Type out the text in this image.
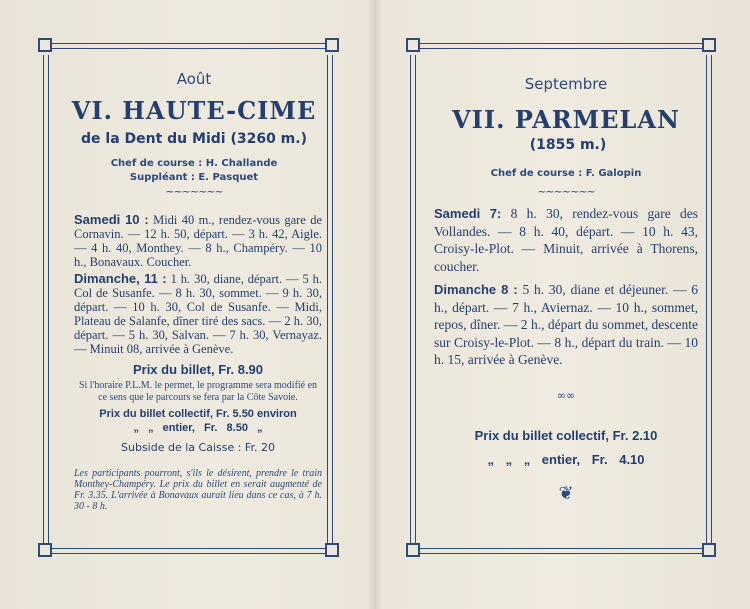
Août
VI. HAUTE-CIME
de la Dent du Midi (3260 m.)
Chef de course : H. Challande
Suppléant : E. Pasquet
~~~~~~~
Samedi 10 : Midi 40 m., rendez-vous gare de Cornavin. — 12 h. 50, départ. — 3 h. 42, Aigle. — 4 h. 40, Monthey. — 8 h., Champéry. — 10 h., Bonavaux. Coucher.
Dimanche, 11 : 1 h. 30, diane, départ. — 5 h. Col de Susanfe. — 8 h. 30, sommet. — 9 h. 30, départ. — 10 h. 30, Col de Susanfe. — Midi, Plateau de Salanfe, dîner tiré des sacs. — 2 h. 30, départ. — 5 h. 30, Salvan. — 7 h. 30, Vernayaz. — Minuit 08, arrivée à Genève.
Prix du billet, Fr. 8.90
Si l'horaire P.L.M. le permet, le programme sera modifié en ce sens que le parcours se fera par la Côte Savoie.
Prix du billet collectif, Fr. 5.50 environ
„ „ entier, Fr. 8.50 „
Subside de la Caisse : Fr. 20
Les participants pourront, s'ils le désirent, prendre le train Monthey-Champéry. Le prix du billet en serait augmenté de Fr. 3.35. L'arrivée à Bonavaux aurait lieu dans ce cas, à 7 h. 30 - 8 h.
Septembre
VII. PARMELAN (1855 m.)
Chef de course : F. Galopin
~~~~~~~
Samedi 7: 8 h. 30, rendez-vous gare des Vollandes. — 8 h. 40, départ. — 10 h. 43, Croisy-le-Plot. — Minuit, arrivée à Thorens, coucher.
Dimanche 8 : 5 h. 30, diane et déjeuner. — 6 h., départ. — 7 h., Aviernaz. — 10 h., sommet, repos, dîner. — 2 h., départ du sommet, descente sur Croisy-le-Plot. — 8 h., départ du train. — 10 h. 15, arrivée à Genève.
∞∞
Prix du billet collectif, Fr. 2.10
„ „ „ entier, Fr. 4.10
❦
